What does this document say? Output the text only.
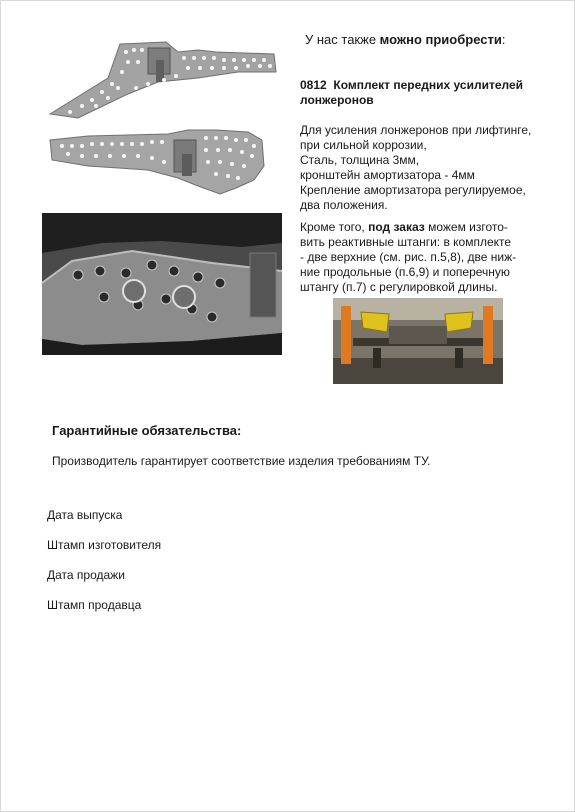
У нас также можно приобрести:
0812 Комплект передних усилителей
лонжеронов
Для усиления лонжеронов при лифтинге,
при сильной коррозии,
Сталь, толщина 3мм,
кронштейн амортизатора - 4мм
Крепление амортизатора регулируемое,
два положения.
Кроме того, под заказ можем изгото-
вить реактивные штанги: в комплекте
- две верхние (см. рис. п.5,8), две ниж-
ние продольные (п.6,9) и поперечную
штангу (п.7) с регулировкой длины.
Гарантийные обязательства:
Производитель гарантирует соответствие изделия требованиям ТУ.
Дата выпуска
Штамп изготовителя
Дата продажи
Штамп продавца
